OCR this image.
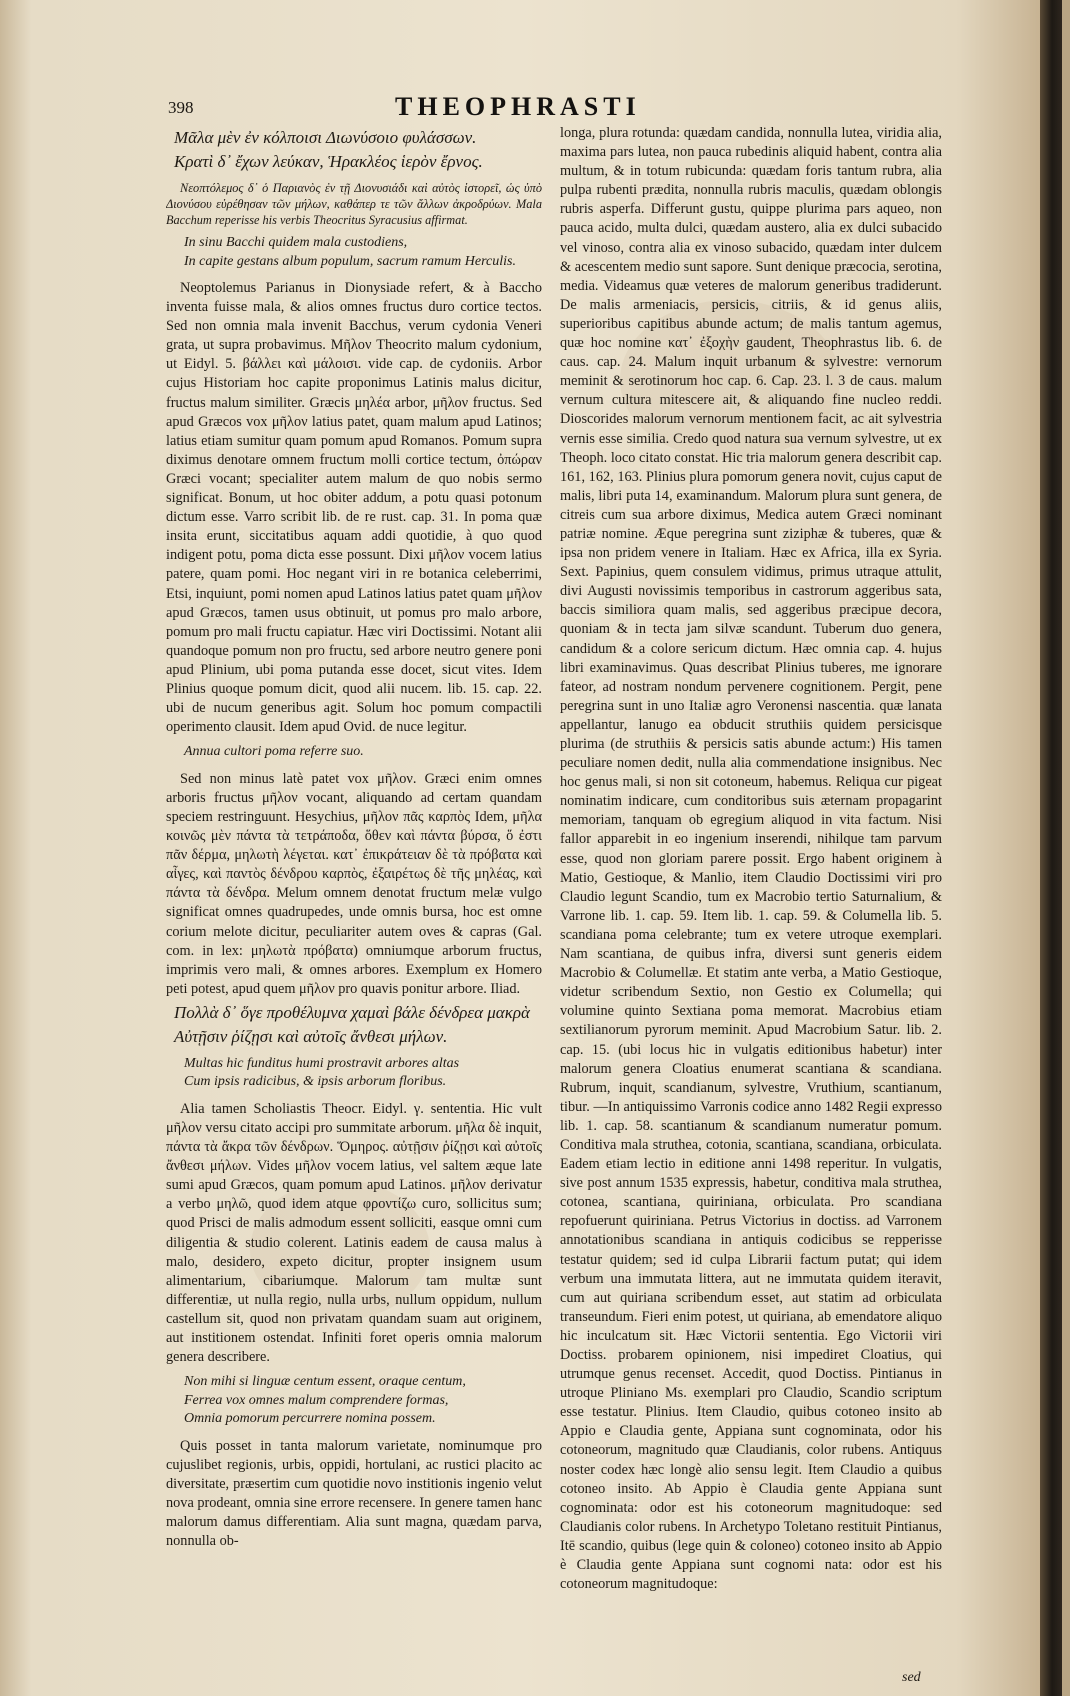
398	THEOPHRASTI

Μᾶλα μὲν ἐν κόλποισι Διωνύσοιο φυλάσσων.
Κρατὶ δ᾽ ἔχων λεύκαν, Ἡρακλέος ἱερὸν ἔρνος.

Νεοπτόλεμος δ᾽ ὁ Παριανὸς ἐν τῇ Διονυσιάδι καὶ αὐτὸς ἱστορεῖ, ὡς ὑπὸ Διονύσου εὑρέθησαν τῶν μήλων, καθάπερ τε τῶν ἄλλων ἀκροδρύων. Mala Bacchum reperisse his verbis Theocritus Syracusius affirmat.

In sinu Bacchi quidem mala custodiens,
In capite gestans album populum, sacrum ramum Herculis.

Neoptolemus Parianus in Dionysiade refert, & à Baccho inventa fuisse mala, & alios omnes fructus duro cortice tectos. Sed non omnia mala invenit Bacchus, verum cydonia Veneri grata, ut supra probavimus. Μῆλον Theocrito malum cydonium, ut Eidyl. 5. βάλλει καὶ μάλοισι. vide cap. de cydoniis. Arbor cujus Historiam hoc capite proponimus Latinis malus dicitur, fructus malum similiter. Græcis μηλέα arbor, μῆλον fructus. Sed apud Græcos vox μῆλον latius patet, quam malum apud Latinos; latius etiam sumitur quam pomum apud Romanos. Pomum supra diximus denotare omnem fructum molli cortice tectum, ὀπώραν Græci vocant; specialiter autem malum de quo nobis sermo significat. Bonum, ut hoc obiter addum, a potu quasi potonum dictum esse. Varro scribit lib. de re rust. cap. 31. In poma quæ insita erunt, siccitatibus aquam addi quotidie, à quo quod indigent potu, poma dicta esse possunt. Dixi μῆλον vocem latius patere, quam pomi. Hoc negant viri in re botanica celeberrimi, Etsi, inquiunt, pomi nomen apud Latinos latius patet quam μῆλον apud Græcos, tamen usus obtinuit, ut pomus pro malo arbore, pomum pro mali fructu capiatur. Hæc viri Doctissimi. Notant alii quandoque pomum non pro fructu, sed arbore neutro genere poni apud Plinium, ubi poma putanda esse docet, sicut vites. Idem Plinius quoque pomum dicit, quod alii nucem. lib. 15. cap. 22. ubi de nucum generibus agit. Solum hoc pomum compactili operimento clausit. Idem apud Ovid. de nuce legitur.

Annua cultori poma referre suo.

Sed non minus latè patet vox μῆλον. Græci enim omnes arboris fructus μῆλον vocant, aliquando ad certam quandam speciem restringuunt. Hesychius, μῆλον πᾶς καρπὸς Idem, μῆλα κοινῶς μὲν πάντα τὰ τετράποδα, ὅθεν καὶ πάντα βύρσα, ὅ ἐστι πᾶν δέρμα, μηλωτὴ λέγεται. κατ᾽ ἐπικράτειαν δὲ τὰ πρόβατα καὶ αἶγες, καὶ παντὸς δένδρου καρπὸς, ἐξαιρέτως δὲ τῆς μηλέας, καὶ πάντα τὰ δένδρα. Melum omnem denotat fructum melæ vulgo significat omnes quadrupedes, unde omnis bursa, hoc est omne corium melote dicitur, peculiariter autem oves & capras (Gal. com. in lex: μηλωτὰ πρόβατα) omniumque arborum fructus, imprimis vero mali, & omnes arbores. Exemplum ex Homero peti potest, apud quem μῆλον pro quavis ponitur arbore. Iliad.

Πολλὰ δ᾽ ὅγε προθέλυμνα χαμαὶ βάλε δένδρεα μακρὰ
Αὐτῇσιν ῥίζῃσι καὶ αὐτοῖς ἄνθεσι μήλων.

Multas hic funditus humi prostravit arbores altas
Cum ipsis radicibus, & ipsis arborum floribus.

Alia tamen Scholiastis Theocr. Eidyl. γ. sententia. Hic vult μῆλον versu citato accipi pro summitate arborum. μῆλα δὲ inquit, πάντα τὰ ἄκρα τῶν δένδρων. Ὅμηρος. αὐτῇσιν ῥίζῃσι καὶ αὐτοῖς ἄνθεσι μήλων. Vides μῆλον vocem latius, vel saltem æque late sumi apud Græcos, quam pomum apud Latinos. μῆλον derivatur a verbo μηλῶ, quod idem atque φροντίζω curo, sollicitus sum; quod Prisci de malis admodum essent solliciti, easque omni cum diligentia & studio colerent. Latinis eadem de causa malus à malo, desidero, expeto dicitur, propter insignem usum alimentarium, cibariumque. Malorum tam multæ sunt differentiæ, ut nulla regio, nulla urbs, nullum oppidum, nullum castellum sit, quod non privatam quandam suam aut originem, aut institionem ostendat. Infiniti foret operis omnia malorum genera describere.

Non mihi si linguæ centum essent, oraque centum,
Ferrea vox omnes malum comprendere formas,
Omnia pomorum percurrere nomina possem.

Quis posset in tanta malorum varietate, nominumque pro cujuslibet regionis, urbis, oppidi, hortulani, ac rustici placito ac diversitate, præsertim cum quotidie novo institionis ingenio velut nova prodeant, omnia sine errore recensere. In genere tamen hanc malorum damus differentiam. Alia sunt magna, quædam parva, nonnulla ob-

longa, plura rotunda: quædam candida, nonnulla lutea, viridia alia, maxima pars lutea, non pauca rubedinis aliquid habent, contra alia multum, & in totum rubicunda: quædam foris tantum rubra, alia pulpa rubenti prædita, nonnulla rubris maculis, quædam oblongis rubris asperfa. Differunt gustu, quippe plurima pars aqueo, non pauca acido, multa dulci, quædam austero, alia ex dulci subacido vel vinoso, contra alia ex vinoso subacido, quædam inter dulcem & acescentem medio sunt sapore. Sunt denique præcocia, serotina, media. Videamus quæ veteres de malorum generibus tradiderunt. De malis armeniacis, persicis, citriis, & id genus aliis, superioribus capitibus abunde actum; de malis tantum agemus, quæ hoc nomine κατ᾽ ἐξοχὴν gaudent, Theophrastus lib. 6. de caus. cap. 24. Malum inquit urbanum & sylvestre: vernorum meminit & serotinorum hoc cap. 6. Cap. 23. l. 3 de caus. malum vernum cultura mitescere ait, & aliquando fine nucleo reddi. Dioscorides malorum vernorum mentionem facit, ac ait sylvestria vernis esse similia. Credo quod natura sua vernum sylvestre, ut ex Theoph. loco citato constat. Hic tria malorum genera describit cap. 161, 162, 163. Plinius plura pomorum genera novit, cujus caput de malis, libri puta 14, examinandum. Malorum plura sunt genera, de citreis cum sua arbore diximus, Medica autem Græci nominant patriæ nomine. Æque peregrina sunt ziziphæ & tuberes, quæ & ipsa non pridem venere in Italiam. Hæc ex Africa, illa ex Syria. Sext. Papinius, quem consulem vidimus, primus utraque attulit, divi Augusti novissimis temporibus in castrorum aggeribus sata, baccis similiora quam malis, sed aggeribus præcipue decora, quoniam & in tecta jam silvæ scandunt. Tuberum duo genera, candidum & a colore sericum dictum. Hæc omnia cap. 4. hujus libri examinavimus. Quas describat Plinius tuberes, me ignorare fateor, ad nostram nondum pervenere cognitionem. Pergit, pene peregrina sunt in uno Italiæ agro Veronensi nascentia. quæ lanata appellantur, lanugo ea obducit struthiis quidem persicisque plurima (de struthiis & persicis satis abunde actum:) His tamen peculiare nomen dedit, nulla alia commendatione insignibus. Nec hoc genus mali, si non sit cotoneum, habemus. Reliqua cur pigeat nominatim indicare, cum conditoribus suis æternam propagarint memoriam, tanquam ob egregium aliquod in vita factum. Nisi fallor apparebit in eo ingenium inserendi, nihilque tam parvum esse, quod non gloriam parere possit. Ergo habent originem à Matio, Gestioque, & Manlio, item Claudio Doctissimi viri pro Claudio legunt Scandio, tum ex Macrobio tertio Saturnalium, & Varrone lib. 1. cap. 59. Item lib. 1. cap. 59. & Columella lib. 5. scandiana poma celebrante; tum ex vetere utroque exemplari. Nam scantiana, de quibus infra, diversi sunt generis eidem Macrobio & Columellæ. Et statim ante verba, a Matio Gestioque, videtur scribendum Sextio, non Gestio ex Columella; qui volumine quinto Sextiana poma memorat. Macrobius etiam sextilianorum pyrorum meminit. Apud Macrobium Satur. lib. 2. cap. 15. (ubi locus hic in vulgatis editionibus habetur) inter malorum genera Cloatius enumerat scantiana & scandiana. Rubrum, inquit, scandianum, sylvestre, Vruthium, scantianum, tibur. —In antiquissimo Varronis codice anno 1482 Regii expresso lib. 1. cap. 58. scantianum & scandianum numeratur pomum. Conditiva mala struthea, cotonia, scantiana, scandiana, orbiculata. Eadem etiam lectio in editione anni 1498 reperitur. In vulgatis, sive post annum 1535 expressis, habetur, conditiva mala struthea, cotonea, scantiana, quiriniana, orbiculata. Pro scandiana repofuerunt quiriniana. Petrus Victorius in doctiss. ad Varronem annotationibus scandiana in antiquis codicibus se repperisse testatur quidem; sed id culpa Librarii factum putat; qui idem verbum una immutata littera, aut ne immutata quidem iteravit, cum aut quiriana scribendum esset, aut statim ad orbiculata transeundum. Fieri enim potest, ut quiriana, ab emendatore aliquo hic inculcatum sit. Hæc Victorii sententia. Ego Victorii viri Doctiss. probarem opinionem, nisi impediret Cloatius, qui utrumque genus recenset. Accedit, quod Doctiss. Pintianus in utroque Pliniano Ms. exemplari pro Claudio, Scandio scriptum esse testatur. Plinius. Item Claudio, quibus cotoneo insito ab Appio e Claudia gente, Appiana sunt cognominata, odor his cotoneorum, magnitudo quæ Claudianis, color rubens. Antiquus noster codex hæc longè alio sensu legit. Item Claudio a quibus cotoneo insito. Ab Appio è Claudia gente Appiana sunt cognominata: odor est his cotoneorum magnitudoque: sed Claudianis color rubens. In Archetypo Toletano restituit Pintianus, Itē scandio, quibus (lege quin & coloneo) cotoneo insito ab Appio è Claudia gente Appiana sunt cognomi nata: odor est his cotoneorum magnitudoque:

sed
